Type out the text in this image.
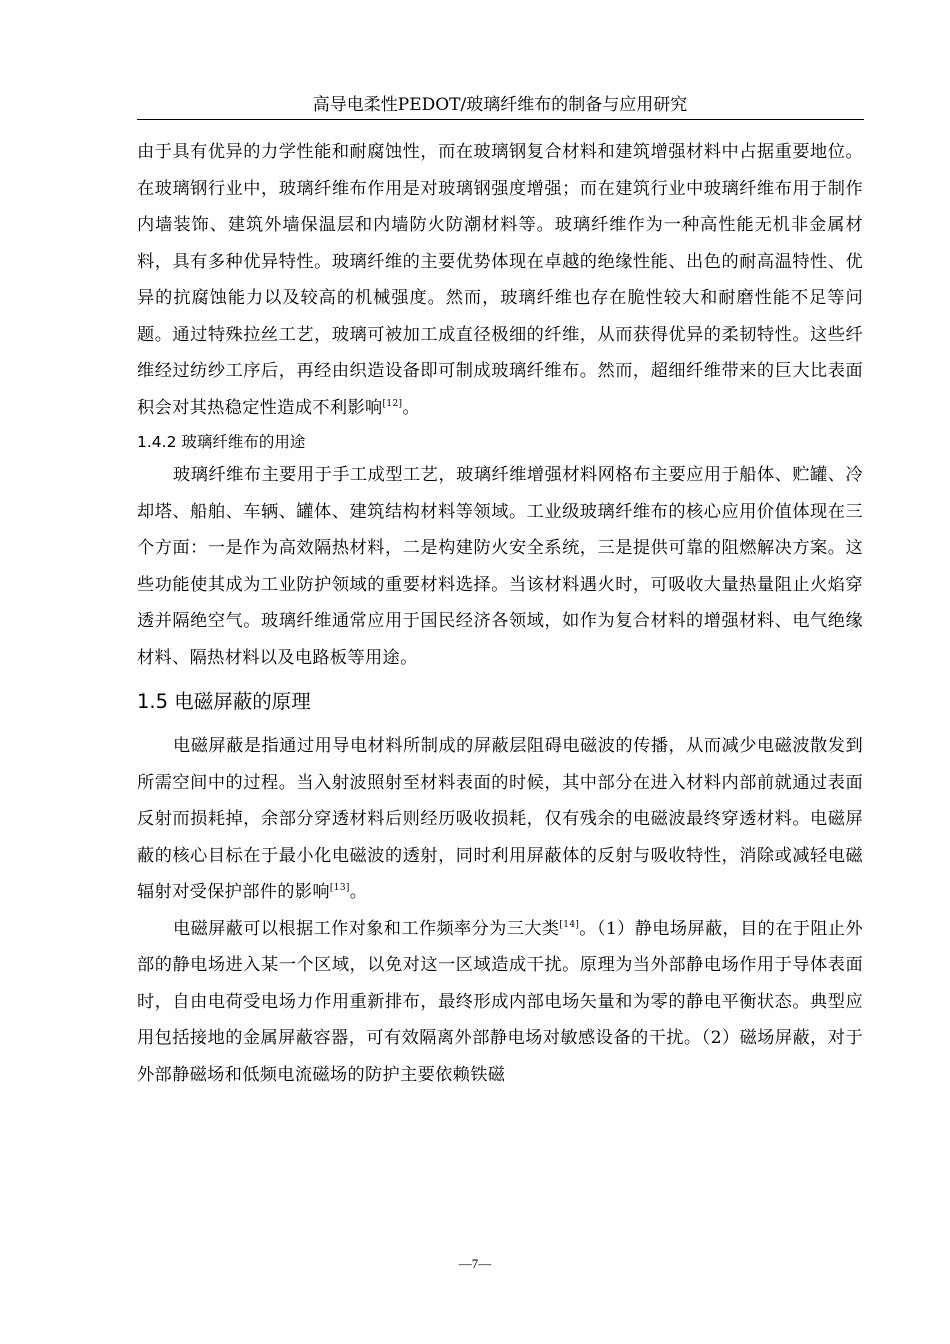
高导电柔性PEDOT/玻璃纤维布的制备与应用研究

由于具有优异的力学性能和耐腐蚀性，而在玻璃钢复合材料和建筑增强材料中占据重要地位。在玻璃钢行业中，玻璃纤维布作用是对玻璃钢强度增强；而在建筑行业中玻璃纤维布用于制作内墙装饰、建筑外墙保温层和内墙防火防潮材料等。玻璃纤维作为一种高性能无机非金属材料，具有多种优异特性。玻璃纤维的主要优势体现在卓越的绝缘性能、出色的耐高温特性、优异的抗腐蚀能力以及较高的机械强度。然而，玻璃纤维也存在脆性较大和耐磨性能不足等问题。通过特殊拉丝工艺，玻璃可被加工成直径极细的纤维，从而获得优异的柔韧特性。这些纤维经过纺纱工序后，再经由织造设备即可制成玻璃纤维布。然而，超细纤维带来的巨大比表面积会对其热稳定性造成不利影响[12]。

1.4.2 玻璃纤维布的用途

玻璃纤维布主要用于手工成型工艺，玻璃纤维增强材料网格布主要应用于船体、贮罐、冷却塔、船舶、车辆、罐体、建筑结构材料等领域。工业级玻璃纤维布的核心应用价值体现在三个方面：一是作为高效隔热材料，二是构建防火安全系统，三是提供可靠的阻燃解决方案。这些功能使其成为工业防护领域的重要材料选择。当该材料遇火时，可吸收大量热量阻止火焰穿透并隔绝空气。玻璃纤维通常应用于国民经济各领域，如作为复合材料的增强材料、电气绝缘材料、隔热材料以及电路板等用途。

1.5 电磁屏蔽的原理

电磁屏蔽是指通过用导电材料所制成的屏蔽层阻碍电磁波的传播，从而减少电磁波散发到所需空间中的过程。当入射波照射至材料表面的时候，其中部分在进入材料内部前就通过表面反射而损耗掉，余部分穿透材料后则经历吸收损耗，仅有残余的电磁波最终穿透材料。电磁屏蔽的核心目标在于最小化电磁波的透射，同时利用屏蔽体的反射与吸收特性，消除或减轻电磁辐射对受保护部件的影响[13]。

电磁屏蔽可以根据工作对象和工作频率分为三大类[14]。（1）静电场屏蔽，目的在于阻止外部的静电场进入某一个区域，以免对这一区域造成干扰。原理为当外部静电场作用于导体表面时，自由电荷受电场力作用重新排布，最终形成内部电场矢量和为零的静电平衡状态。典型应用包括接地的金属屏蔽容器，可有效隔离外部静电场对敏感设备的干扰。（2）磁场屏蔽，对于外部静磁场和低频电流磁场的防护主要依赖铁磁

—7—
